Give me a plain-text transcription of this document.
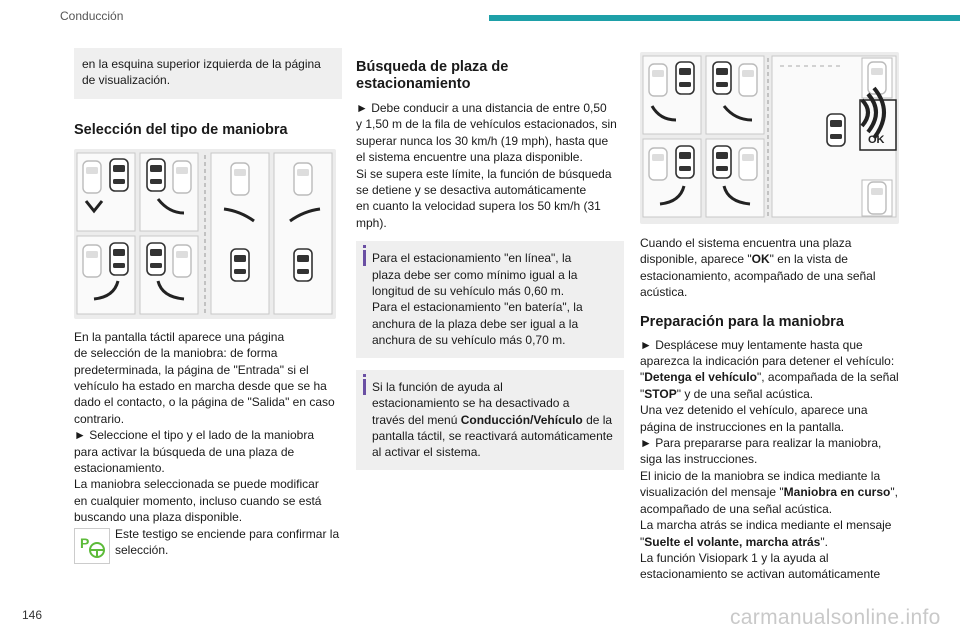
Conducción
146	carmanualsonline.info

en la esquina superior izquierda de la página
de visualización.

Selección del tipo de maniobra

En la pantalla táctil aparece una página
de selección de la maniobra: de forma
predeterminada, la página de "Entrada" si el
vehículo ha estado en marcha desde que se ha
dado el contacto, o la página de "Salida" en caso
contrario.
► Seleccione el tipo y el lado de la maniobra
para activar la búsqueda de una plaza de
estacionamiento.
La maniobra seleccionada se puede modificar
en cualquier momento, incluso cuando se está
buscando una plaza disponible.

P

Este testigo se enciende para confirmar la
selección.

Búsqueda de plaza de
estacionamiento

► Debe conducir a una distancia de entre 0,50
y 1,50 m de la fila de vehículos estacionados, sin
superar nunca los 30 km/h (19 mph), hasta que
el sistema encuentre una plaza disponible.
Si se supera este límite, la función de búsqueda
se detiene y se desactiva automáticamente
en cuanto la velocidad supera los 50 km/h (31
mph).

Para el estacionamiento "en línea", la
plaza debe ser como mínimo igual a la
longitud de su vehículo más 0,60 m.
Para el estacionamiento "en batería", la
anchura de la plaza debe ser igual a la
anchura de su vehículo más 0,70 m.

Si la función de ayuda al
estacionamiento se ha desactivado a
través del menú Conducción/Vehículo de la
pantalla táctil, se reactivará automáticamente
al activar el sistema.

OK

Cuando el sistema encuentra una plaza
disponible, aparece "OK" en la vista de
estacionamiento, acompañado de una señal
acústica.

Preparación para la maniobra

► Desplácese muy lentamente hasta que
aparezca la indicación para detener el vehículo:
"Detenga el vehículo", acompañada de la señal
"STOP" y de una señal acústica.
Una vez detenido el vehículo, aparece una
página de instrucciones en la pantalla.
► Para prepararse para realizar la maniobra,
siga las instrucciones.
El inicio de la maniobra se indica mediante la
visualización del mensaje "Maniobra en curso",
acompañado de una señal acústica.
La marcha atrás se indica mediante el mensaje
"Suelte el volante, marcha atrás".
La función Visiopark 1 y la ayuda al
estacionamiento se activan automáticamente
